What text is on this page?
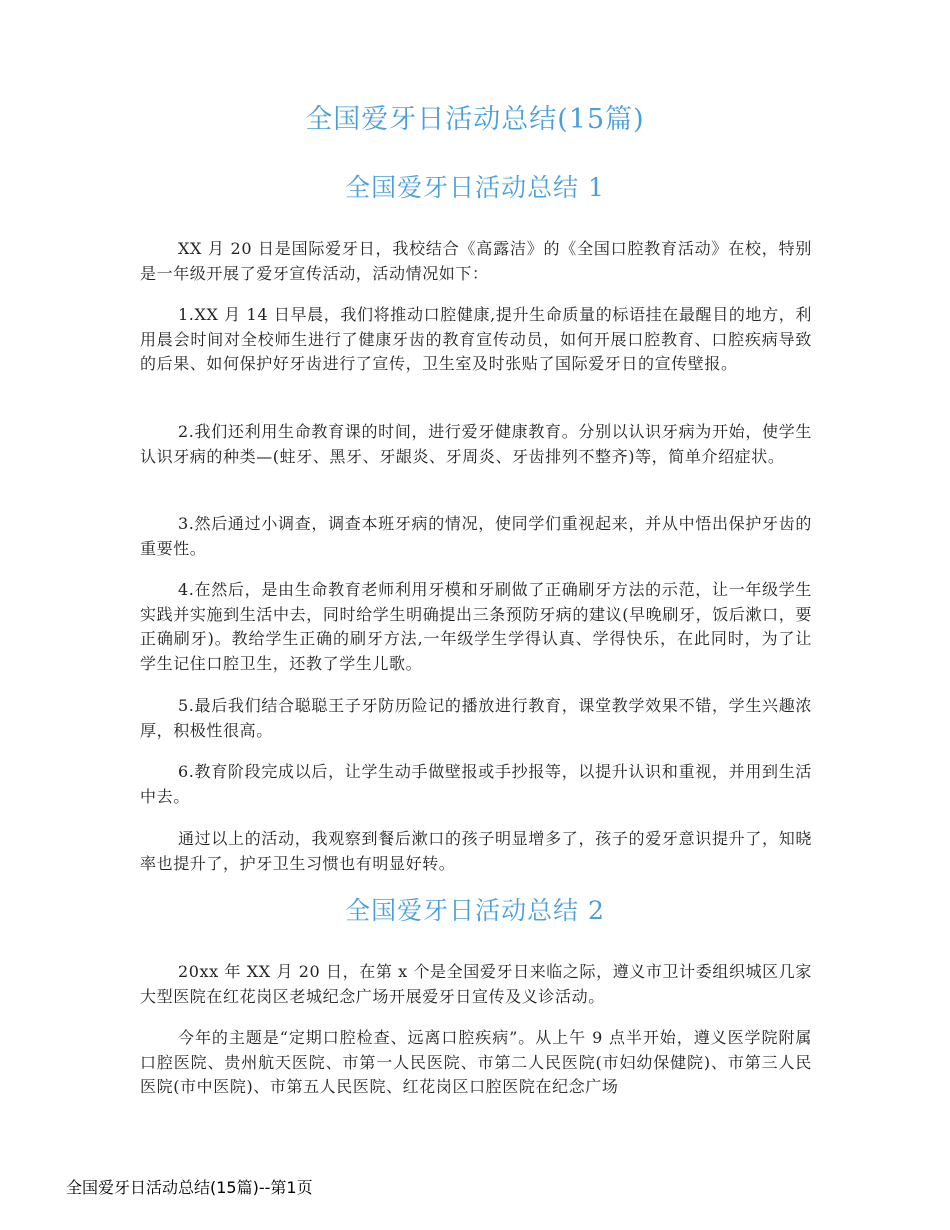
全国爱牙日活动总结(15篇)
全国爱牙日活动总结 1

XX 月 20 日是国际爱牙日，我校结合《高露洁》的《全国口腔教育活动》在校，特别是一年级开展了爱牙宣传活动，活动情况如下：

1.XX 月 14 日早晨，我们将推动口腔健康,提升生命质量的标语挂在最醒目的地方，利用晨会时间对全校师生进行了健康牙齿的教育宣传动员，如何开展口腔教育、口腔疾病导致的后果、如何保护好牙齿进行了宣传，卫生室及时张贴了国际爱牙日的宣传壁报。

2.我们还利用生命教育课的时间，进行爱牙健康教育。分别以认识牙病为开始，使学生认识牙病的种类—(蛀牙、黑牙、牙龈炎、牙周炎、牙齿排列不整齐)等，简单介绍症状。

3.然后通过小调查，调查本班牙病的情况，使同学们重视起来，并从中悟出保护牙齿的重要性。

4.在然后，是由生命教育老师利用牙模和牙刷做了正确刷牙方法的示范，让一年级学生实践并实施到生活中去，同时给学生明确提出三条预防牙病的建议(早晚刷牙，饭后漱口，要正确刷牙)。教给学生正确的刷牙方法,一年级学生学得认真、学得快乐，在此同时，为了让学生记住口腔卫生，还教了学生儿歌。

5.最后我们结合聪聪王子牙防历险记的播放进行教育，课堂教学效果不错，学生兴趣浓厚，积极性很高。

6.教育阶段完成以后，让学生动手做壁报或手抄报等，以提升认识和重视，并用到生活中去。

通过以上的活动，我观察到餐后漱口的孩子明显增多了，孩子的爱牙意识提升了，知晓率也提升了，护牙卫生习惯也有明显好转。

全国爱牙日活动总结 2

20xx 年 XX 月 20 日，在第 x 个是全国爱牙日来临之际，遵义市卫计委组织城区几家大型医院在红花岗区老城纪念广场开展爱牙日宣传及义诊活动。

今年的主题是“定期口腔检查、远离口腔疾病”。从上午 9 点半开始，遵义医学院附属口腔医院、贵州航天医院、市第一人民医院、市第二人民医院(市妇幼保健院)、市第三人民医院(市中医院)、市第五人民医院、红花岗区口腔医院在纪念广场

全国爱牙日活动总结(15篇)--第1页
